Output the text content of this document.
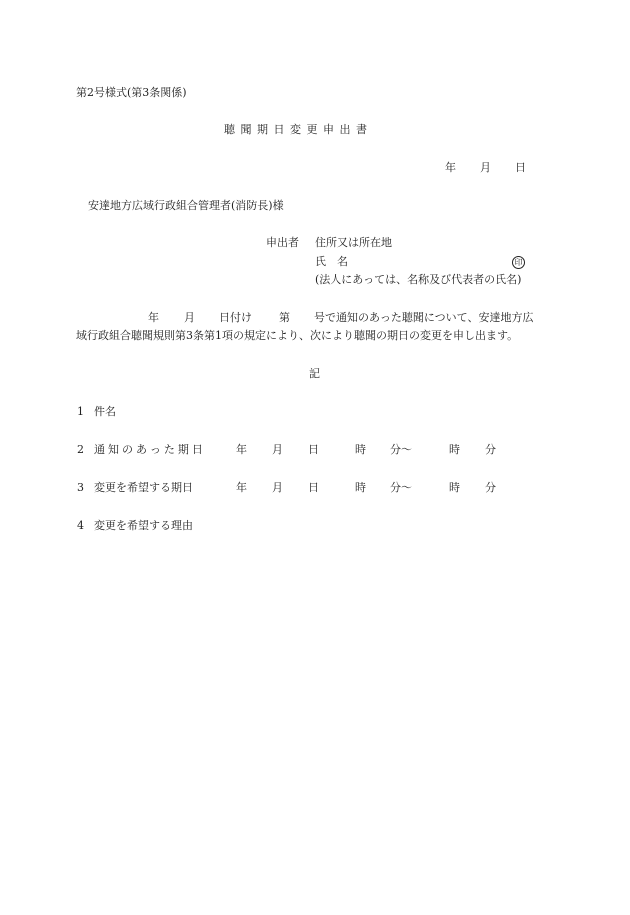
第2号様式(第3条関係)
聴 聞 期 日 変 更 申 出 書
年 月 日
安達地方広域行政組合管理者(消防長)様
申出者 住所又は所在地
氏　名	印
(法人にあっては、名称及び代表者の氏名)
年 月 日付け 第 号で通知のあった聴聞について、安達地方広
域行政組合聴聞規則第3条第1項の規定により、次により聴聞の期日の変更を申し出ます。
記
1 件名
2 通知のあった期日	年 月 日	時 分〜	時 分
3 変更を希望する期日	年 月 日	時 分〜	時 分
4 変更を希望する理由
